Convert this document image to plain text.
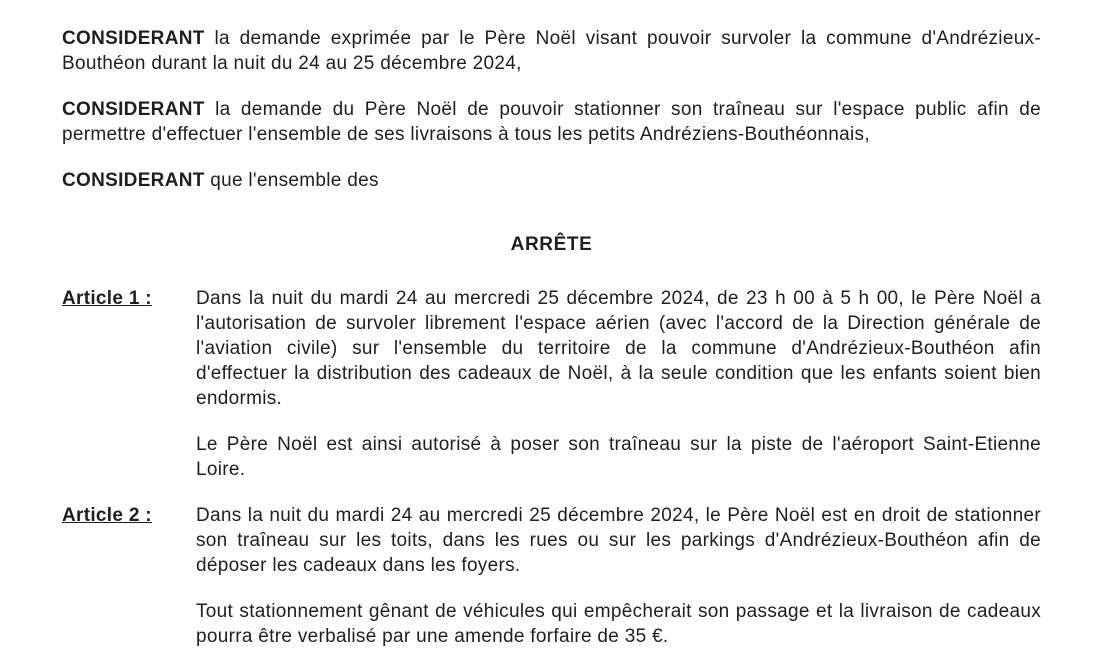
CONSIDERANT la demande exprimée par le Père Noël visant pouvoir survoler la commune d'Andrézieux-Bouthéon durant la nuit du 24 au 25 décembre 2024,

CONSIDERANT la demande du Père Noël de pouvoir stationner son traîneau sur l'espace public afin de permettre d'effectuer l'ensemble de ses livraisons à tous les petits Andréziens-Bouthéonnais,

CONSIDERANT que l'ensemble des

ARRÊTE
Article 1 :	Dans la nuit du mardi 24 au mercredi 25 décembre 2024, de 23 h 00 à 5 h 00, le Père Noël a l'autorisation de survoler librement l'espace aérien (avec l'accord de la Direction générale de l'aviation civile) sur l'ensemble du territoire de la commune d'Andrézieux-Bouthéon afin d'effectuer la distribution des cadeaux de Noël, à la seule condition que les enfants soient bien endormis.

Le Père Noël est ainsi autorisé à poser son traîneau sur la piste de l'aéroport Saint-Etienne Loire.

Article 2 :	Dans la nuit du mardi 24 au mercredi 25 décembre 2024, le Père Noël est en droit de stationner son traîneau sur les toits, dans les rues ou sur les parkings d'Andrézieux-Bouthéon afin de déposer les cadeaux dans les foyers.

Tout stationnement gênant de véhicules qui empêcherait son passage et la livraison de cadeaux pourra être verbalisé par une amende forfaire de 35 €.
